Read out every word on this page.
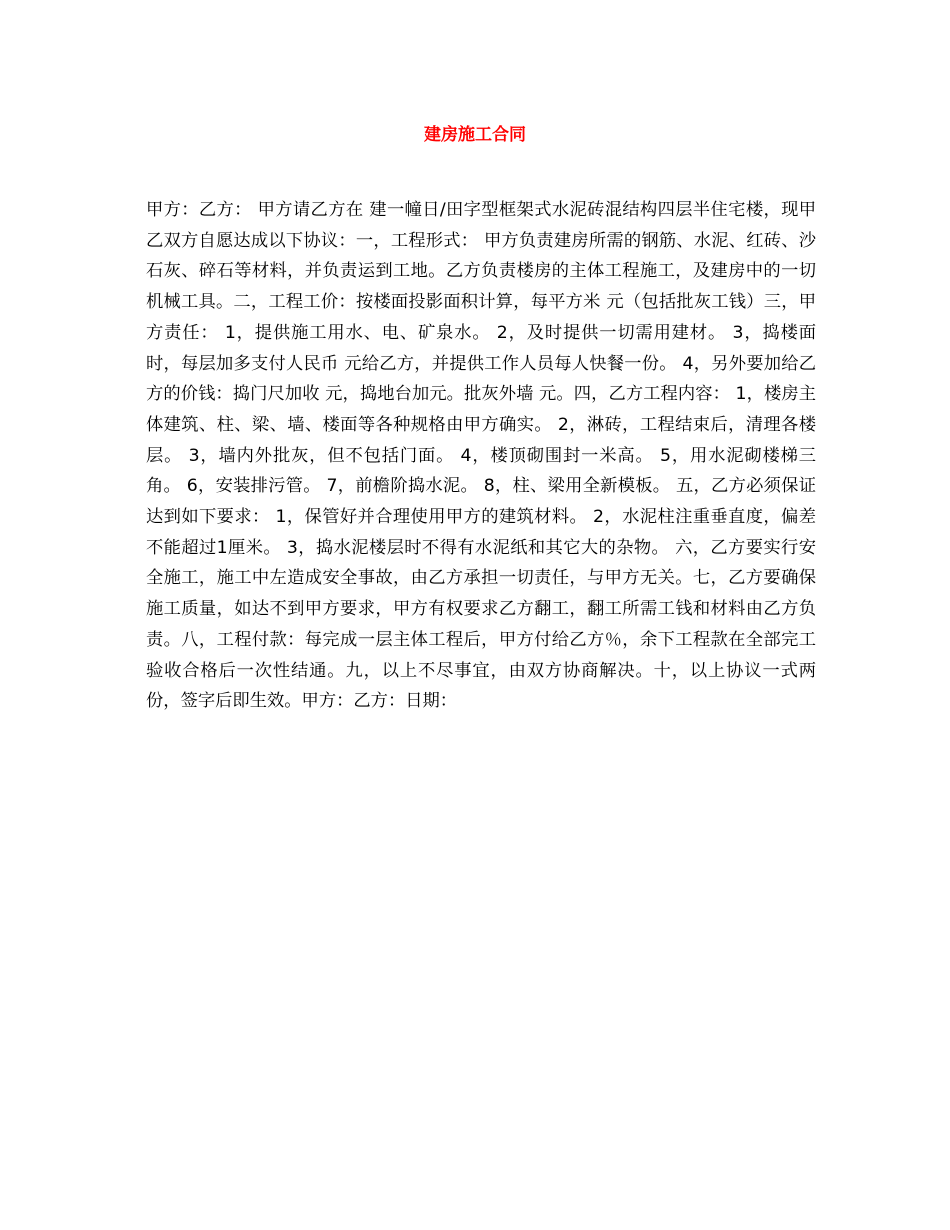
建房施工合同

甲方：乙方： 甲方请乙方在 建一幢日/田字型框架式水泥砖混结构四层半住宅楼，现甲乙双方自愿达成以下协议：一，工程形式： 甲方负责建房所需的钢筋、水泥、红砖、沙石灰、碎石等材料，并负责运到工地。乙方负责楼房的主体工程施工，及建房中的一切机械工具。二，工程工价：按楼面投影面积计算，每平方米 元（包括批灰工钱）三，甲方责任： 1，提供施工用水、电、矿泉水。 2，及时提供一切需用建材。 3，捣楼面时，每层加多支付人民币 元给乙方，并提供工作人员每人快餐一份。 4，另外要加给乙方的价钱：捣门尺加收 元，捣地台加元。批灰外墙 元。四，乙方工程内容： 1，楼房主体建筑、柱、梁、墙、楼面等各种规格由甲方确实。 2，淋砖，工程结束后，清理各楼层。 3，墙内外批灰，但不包括门面。 4，楼顶砌围封一米高。 5，用水泥砌楼梯三角。 6，安装排污管。 7，前檐阶捣水泥。 8，柱、梁用全新模板。 五，乙方必须保证达到如下要求： 1，保管好并合理使用甲方的建筑材料。 2，水泥柱注重垂直度，偏差不能超过1厘米。 3，捣水泥楼层时不得有水泥纸和其它大的杂物。 六，乙方要实行安全施工，施工中左造成安全事故，由乙方承担一切责任，与甲方无关。七，乙方要确保施工质量，如达不到甲方要求，甲方有权要求乙方翻工，翻工所需工钱和材料由乙方负责。八，工程付款：每完成一层主体工程后，甲方付给乙方％，余下工程款在全部完工验收合格后一次性结通。九，以上不尽事宜，由双方协商解决。十，以上协议一式两份，签字后即生效。甲方：乙方：日期：
